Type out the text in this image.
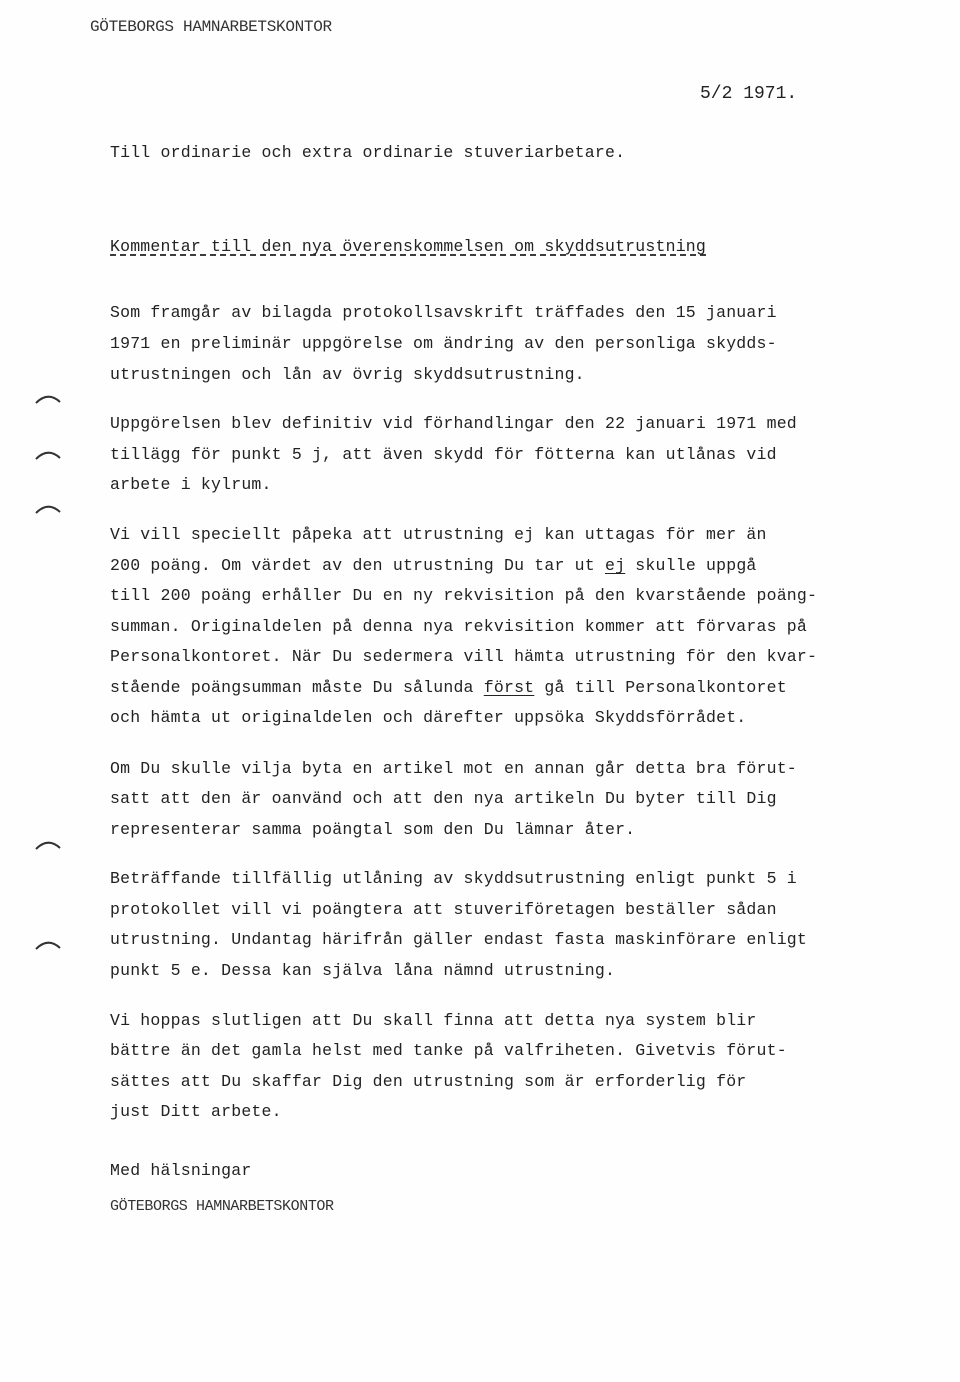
GÖTEBORGS HAMNARBETSKONTOR
5/2 1971.
Till ordinarie och extra ordinarie stuveriarbetare.
Kommentar till den nya överenskommelsen om skyddsutrustning
Som framgår av bilagda protokollsavskrift träffades den 15 januari
1971 en preliminär uppgörelse om ändring av den personliga skydds-
utrustningen och lån av övrig skyddsutrustning.
Uppgörelsen blev definitiv vid förhandlingar den 22 januari 1971 med
tillägg för punkt 5 j, att även skydd för fötterna kan utlånas vid
arbete i kylrum.
Vi vill speciellt påpeka att utrustning ej kan uttagas för mer än
200 poäng. Om värdet av den utrustning Du tar ut ej skulle uppgå
till 200 poäng erhåller Du en ny rekvisition på den kvarstående poäng-
summan. Originaldelen på denna nya rekvisition kommer att förvaras på
Personalkontoret. När Du sedermera vill hämta utrustning för den kvar-
stående poängsumman måste Du sålunda först gå till Personalkontoret
och hämta ut originaldelen och därefter uppsöka Skyddsförrådet.
Om Du skulle vilja byta en artikel mot en annan går detta bra förut-
satt att den är oanvänd och att den nya artikeln Du byter till Dig
representerar samma poängtal som den Du lämnar åter.
Beträffande tillfällig utlåning av skyddsutrustning enligt punkt 5 i
protokollet vill vi poängtera att stuveriföretagen beställer sådan
utrustning. Undantag härifrån gäller endast fasta maskinförare enligt
punkt 5 e. Dessa kan själva låna nämnd utrustning.
Vi hoppas slutligen att Du skall finna att detta nya system blir
bättre än det gamla helst med tanke på valfriheten. Givetvis förut-
sättes att Du skaffar Dig den utrustning som är erforderlig för
just Ditt arbete.
Med hälsningar
GÖTEBORGS HAMNARBETSKONTOR
